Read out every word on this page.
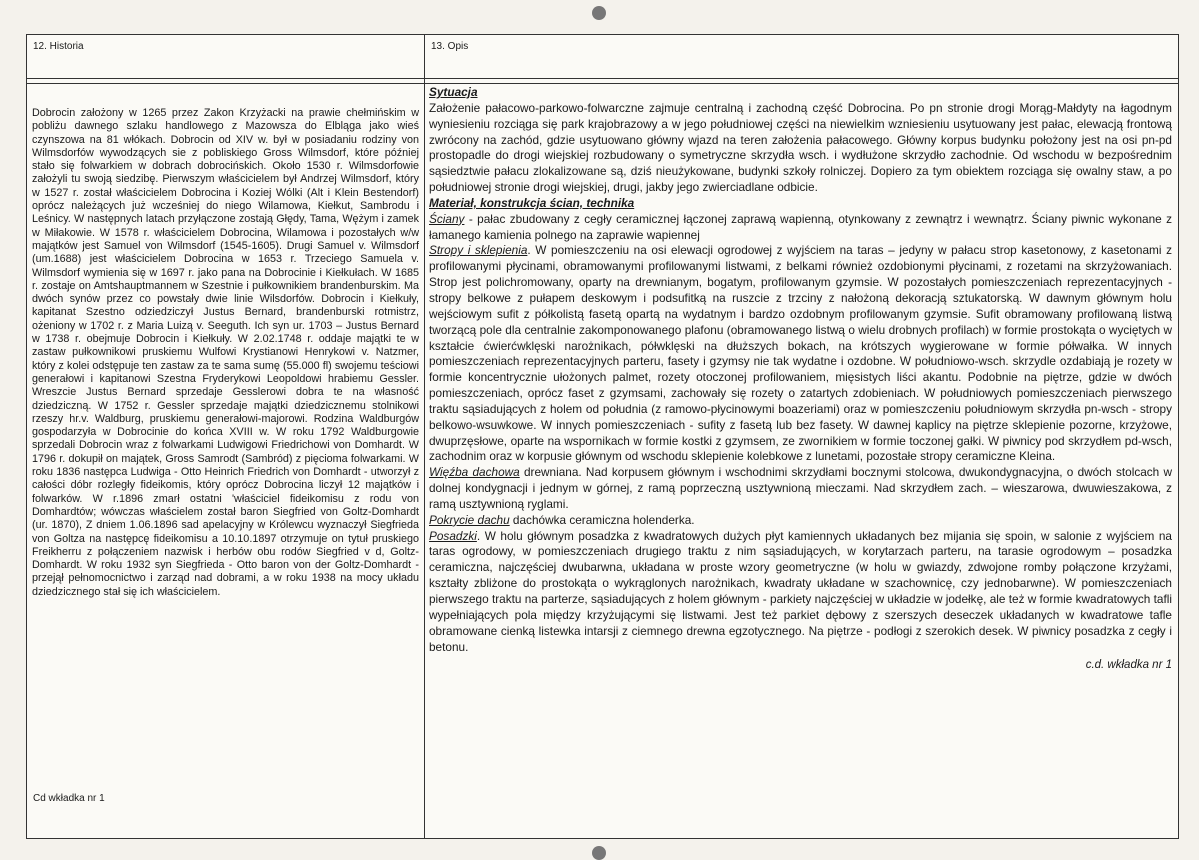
12. Historia	13. Opis

Dobrocin założony w 1265 przez Zakon Krzyżacki na prawie chełmińskim w pobliżu dawnego szlaku handlowego z Mazowsza do Elbląga jako wieś czynszowa na 81 włókach. Dobrocin od XIV w. był w posiadaniu rodziny von Wilmsdorfów wywodzących sie z pobliskiego Gross Wilmsdorf, które później stało się folwarkiem w dobrach dobrocińskich. Około 1530 r. Wilmsdorfowie założyli tu swoją siedzibę. Pierwszym właścicielem był Andrzej Wilmsdorf, który w 1527 r. został właścicielem Dobrocina i Koziej Wólki (Alt i Klein Bestendorf) oprócz należących już wcześniej do niego Wilamowa, Kiełkut, Sambrodu i Leśnicy. W następnych latach przyłączone zostają Głędy, Tama, Wężym i zamek w Miłakowie. W 1578 r. właścicielem Dobrocina, Wilamowa i pozostałych w/w majątków jest Samuel von Wilmsdorf (1545-1605). Drugi Samuel v. Wilmsdorf (um.1688) jest właścicielem Dobrocina w 1653 r. Trzeciego Samuela v. Wilmsdorf wymienia się w 1697 r. jako pana na Dobrocinie i Kiełkułach. W 1685 r. zostaje on Amtshauptmannem w Szestnie i pułkownikiem brandenburskim. Ma dwóch synów przez co powstały dwie linie Wilsdorfów. Dobrocin i Kiełkuły, kapitanat Szestno odziedziczył Justus Bernard, brandenburski rotmistrz, ożeniony w 1702 r. z Maria Luizą v. Seeguth. Ich syn ur. 1703 – Justus Bernard w 1738 r. obejmuje Dobrocin i Kiełkuły. W 2.02.1748 r. oddaje majątki te w zastaw pułkownikowi pruskiemu Wulfowi Krystianowi Henrykowi v. Natzmer, który z kolei odstępuje ten zastaw za te sama sumę (55.000 fl) swojemu teściowi generałowi i kapitanowi Szestna Fryderykowi Leopoldowi hrabiemu Gessler. Wreszcie Justus Bernard sprzedaje Gesslerowi dobra te na własność dziedziczną. W 1752 r. Gessler sprzedaje majątki dziedzicznemu stolnikowi rzeszy hr.v. Waldburg, pruskiemu generałowi-majorowi. Rodzina Waldburgów gospodarzyła w Dobrocinie do końca XVIII w. W roku 1792 Waldburgowie sprzedali Dobrocin wraz z folwarkami Ludwigowi Friedrichowi von Domhardt. W 1796 r. dokupił on majątek, Gross Samrodt (Sambród) z pięcioma folwarkami. W roku 1836 następca Ludwiga - Otto Heinrich Friedrich von Domhardt - utworzył z całości dóbr rozległy fideikomis, który oprócz Dobrocina liczył 12 majątków i folwarków. W r.1896 zmarł ostatni 'właściciel fideikomisu z rodu von Domhardtów; wówczas właścielem został baron Siegfried von Goltz-Domhardt (ur. 1870), Z dniem 1.06.1896 sad apelacyjny w Królewcu wyznaczył Siegfrieda von Goltza na następcę fideikomisu a 10.10.1897 otrzymuje on tytuł pruskiego Freikherru z połączeniem nazwisk i herbów obu rodów Siegfried v d, Goltz-Domhardt. W roku 1932 syn Siegfrieda - Otto baron von der Goltz-Domhardt - przejął pełnomocnictwo i zarząd nad dobrami, a w roku 1938 na mocy układu dziedzicznego stał się ich właścicielem.

Cd wkładka nr 1

Sytuacja

Założenie pałacowo-parkowo-folwarczne zajmuje centralną i zachodną część Dobrocina. Po pn stronie drogi Morąg-Małdyty na łagodnym wyniesieniu rozciąga się park krajobrazowy a w jego południowej części na niewielkim wzniesieniu usytuowany jest pałac, elewacją frontową zwrócony na zachód, gdzie usytuowano główny wjazd na teren założenia pałacowego. Główny korpus budynku położony jest na osi pn-pd prostopadle do drogi wiejskiej rozbudowany o symetryczne skrzydła wsch. i wydłużone skrzydło zachodnie. Od wschodu w bezpośrednim sąsiedztwie pałacu zlokalizowane są, dziś nieużykowane, budynki szkoły rolniczej. Dopiero za tym obiektem rozciąga się owalny staw, a po południowej stronie drogi wiejskiej, drugi, jakby jego zwierciadlane odbicie.

Materiał, konstrukcja ścian, technika

Ściany - pałac zbudowany z cegły ceramicznej łączonej zaprawą wapienną, otynkowany z zewnątrz i wewnątrz. Ściany piwnic wykonane z łamanego kamienia polnego na zaprawie wapiennej

Stropy i sklepienia. W pomieszczeniu na osi elewacji ogrodowej z wyjściem na taras – jedyny w pałacu strop kasetonowy, z kasetonami z profilowanymi płycinami, obramowanymi profilowanymi listwami, z belkami również ozdobionymi płycinami, z rozetami na skrzyżowaniach. Strop jest polichromowany, oparty na drewnianym, bogatym, profilowanym gzymsie. W pozostałych pomieszczeniach reprezentacyjnych - stropy belkowe z pułapem deskowym i podsufitką na ruszcie z trzciny z nałożoną dekoracją sztukatorską. W dawnym głównym holu wejściowym sufit z półkolistą fasetą opartą na wydatnym i bardzo ozdobnym profilowanym gzymsie. Sufit obramowany profilowaną listwą tworzącą pole dla centralnie zakomponowanego plafonu (obramowanego listwą o wielu drobnych profilach) w formie prostokąta o wyciętych w kształcie ćwierćwklęski narożnikach, półwklęski na dłuższych bokach, na krótszych wygierowane w formie półwałka. W innych pomieszczeniach reprezentacyjnych parteru, fasety i gzymsy nie tak wydatne i ozdobne. W południowo-wsch. skrzydle ozdabiają je rozety w formie koncentrycznie ułożonych palmet, rozety otoczonej profilowaniem, mięsistych liści akantu. Podobnie na piętrze, gdzie w dwóch pomieszczeniach, oprócz faset z gzymsami, zachowały się rozety o zatartych zdobieniach. W południowych pomieszczeniach pierwszego traktu sąsiadujących z holem od południa (z ramowo-płycinowymi boazeriami) oraz w pomieszczeniu południowym skrzydła pn-wsch - stropy belkowo-wsuwkowe. W innych pomieszczeniach - sufity z fasetą lub bez fasety. W dawnej kaplicy na piętrze sklepienie pozorne, krzyżowe, dwuprzęsłowe, oparte na wspornikach w formie kostki z gzymsem, ze zwornikiem w formie toczonej gałki. W piwnicy pod skrzydłem pd-wsch, zachodnim oraz w korpusie głównym od wschodu sklepienie kolebkowe z lunetami, pozostałe stropy ceramiczne Kleina.

Więźba dachowa drewniana. Nad korpusem głównym i wschodnimi skrzydłami bocznymi stolcowa, dwukondygnacyjna, o dwóch stolcach w dolnej kondygnacji i jednym w górnej, z ramą poprzeczną usztywnioną mieczami. Nad skrzydłem zach. – wieszarowa, dwuwieszakowa, z ramą usztywnioną ryglami.

Pokrycie dachu dachówka ceramiczna holenderka.

Posadzki. W holu głównym posadzka z kwadratowych dużych płyt kamiennych układanych bez mijania się spoin, w salonie z wyjściem na taras ogrodowy, w pomieszczeniach drugiego traktu z nim sąsiadujących, w korytarzach parteru, na tarasie ogrodowym – posadzka ceramiczna, najczęściej dwubarwna, układana w proste wzory geometryczne (w holu w gwiazdy, zdwojone romby połączone krzyżami, kształty zbliżone do prostokąta o wykrąglonych narożnikach, kwadraty układane w szachownicę, czy jednobarwne). W pomieszczeniach pierwszego traktu na parterze, sąsiadujących z holem głównym - parkiety najczęściej w układzie w jodełkę, ale też w formie kwadratowych tafli wypełniających pola między krzyżującymi się listwami. Jest też parkiet dębowy z szerszych deseczek układanych w kwadratowe tafle obramowane cienką listewka intarsji z ciemnego drewna egzotycznego. Na piętrze - podłogi z szerokich desek. W piwnicy posadzka z cegły i betonu.

c.d. wkładka nr 1
